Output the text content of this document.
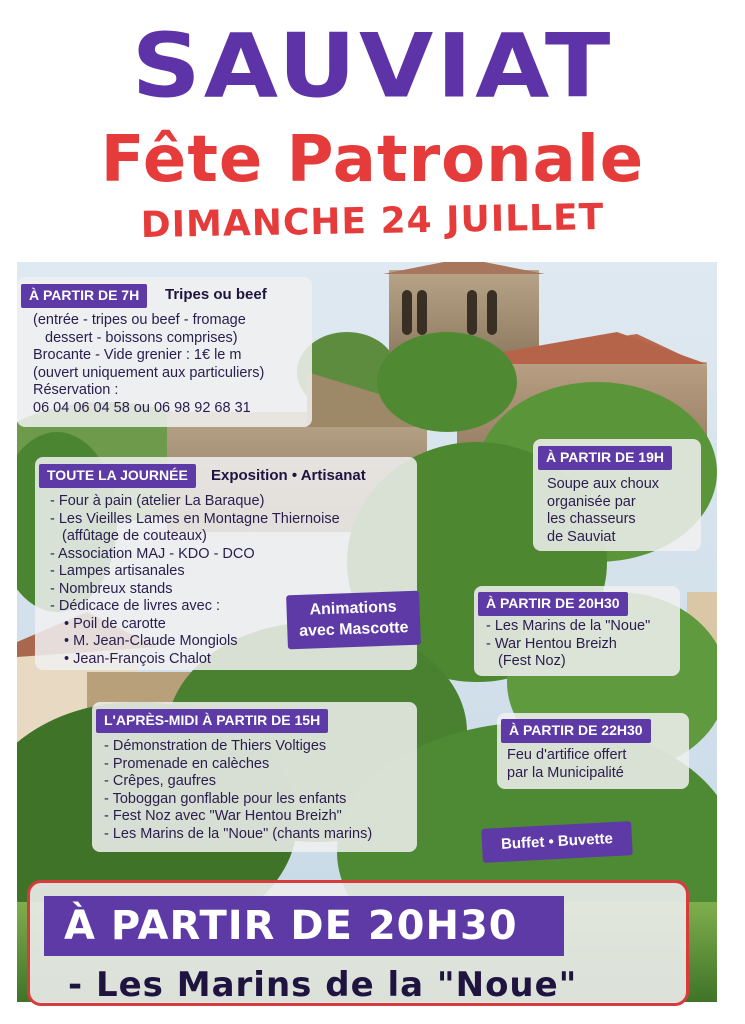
SAUVIAT
Fête Patronale
DIMANCHE 24 JUILLET
À PARTIR DE 7H	Tripes ou beef
(entrée - tripes ou beef - fromage
dessert - boissons comprises)
Brocante - Vide grenier : 1€ le m
(ouvert uniquement aux particuliers)
Réservation :
06 04 06 04 58 ou 06 98 92 68 31
TOUTE LA JOURNÉE	Exposition • Artisanat
- Four à pain (atelier La Baraque)
- Les Vieilles Lames en Montagne Thiernoise
(affûtage de couteaux)
- Association MAJ - KDO - DCO
- Lampes artisanales
- Nombreux stands
- Dédicace de livres avec :
• Poil de carotte
• M. Jean-Claude Mongiols
• Jean-François Chalot
Animations
avec Mascotte
L'APRÈS-MIDI À PARTIR DE 15H
- Démonstration de Thiers Voltiges
- Promenade en calèches
- Crêpes, gaufres
- Toboggan gonflable pour les enfants
- Fest Noz avec "War Hentou Breizh"
- Les Marins de la "Noue" (chants marins)
À PARTIR DE 19H
Soupe aux choux
organisée par
les chasseurs
de Sauviat
À PARTIR DE 20H30
- Les Marins de la "Noue"
- War Hentou Breizh
(Fest Noz)
À PARTIR DE 22H30
Feu d'artifice offert
par la Municipalité
Buffet • Buvette
À PARTIR DE 20H30
- Les Marins de la "Noue"
